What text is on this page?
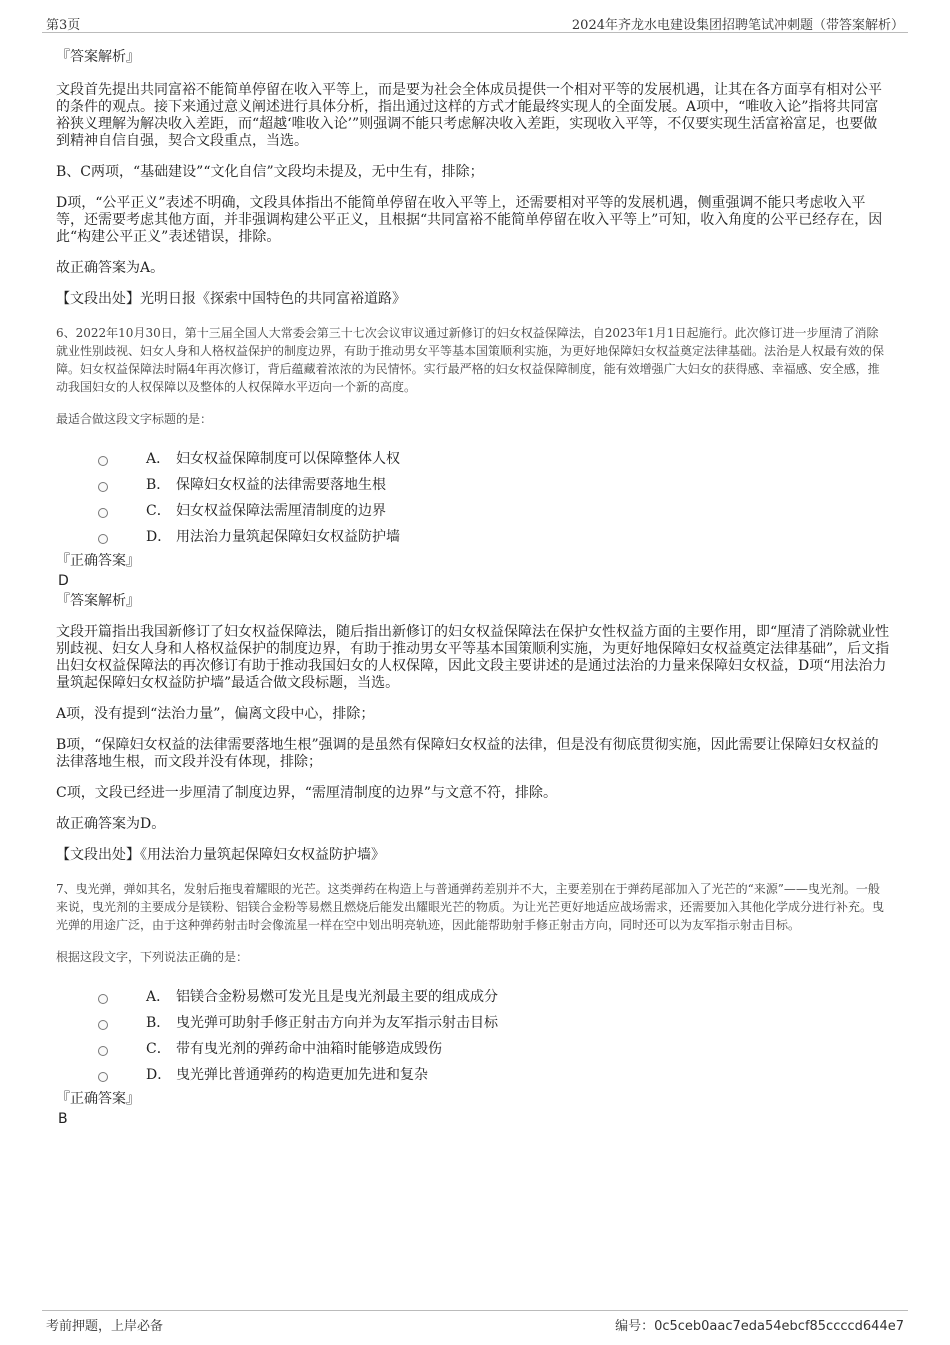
第3页	2024年齐龙水电建设集团招聘笔试冲刺题（带答案解析）

『答案解析』

文段首先提出共同富裕不能简单停留在收入平等上，而是要为社会全体成员提供一个相对平等的发展机遇，让其在各方面享有相对公平的条件的观点。接下来通过意义阐述进行具体分析，指出通过这样的方式才能最终实现人的全面发展。A项中，“唯收入论”指将共同富裕狭义理解为解决收入差距，而“超越‘唯收入论’”则强调不能只考虑解决收入差距，实现收入平等，不仅要实现生活富裕富足，也要做到精神自信自强，契合文段重点，当选。

B、C两项，“基础建设”“文化自信”文段均未提及，无中生有，排除；

D项，“公平正义”表述不明确，文段具体指出不能简单停留在收入平等上，还需要相对平等的发展机遇，侧重强调不能只考虑收入平等，还需要考虑其他方面，并非强调构建公平正义，且根据“共同富裕不能简单停留在收入平等上”可知，收入角度的公平已经存在，因此“构建公平正义”表述错误，排除。

故正确答案为A。

【文段出处】光明日报《探索中国特色的共同富裕道路》

6、2022年10月30日，第十三届全国人大常委会第三十七次会议审议通过新修订的妇女权益保障法，自2023年1月1日起施行。此次修订进一步厘清了消除就业性别歧视、妇女人身和人格权益保护的制度边界，有助于推动男女平等基本国策顺利实施，为更好地保障妇女权益奠定法律基础。法治是人权最有效的保障。妇女权益保障法时隔4年再次修订，背后蕴藏着浓浓的为民情怀。实行最严格的妇女权益保障制度，能有效增强广大妇女的获得感、幸福感、安全感，推动我国妇女的人权保障以及整体的人权保障水平迈向一个新的高度。

最适合做这段文字标题的是：

A． 妇女权益保障制度可以保障整体人权
B． 保障妇女权益的法律需要落地生根
C． 妇女权益保障法需厘清制度的边界
D． 用法治力量筑起保障妇女权益防护墙

『正确答案』

D

『答案解析』

文段开篇指出我国新修订了妇女权益保障法，随后指出新修订的妇女权益保障法在保护女性权益方面的主要作用，即“厘清了消除就业性别歧视、妇女人身和人格权益保护的制度边界，有助于推动男女平等基本国策顺利实施，为更好地保障妇女权益奠定法律基础”，后文指出妇女权益保障法的再次修订有助于推动我国妇女的人权保障，因此文段主要讲述的是通过法治的力量来保障妇女权益，D项“用法治力量筑起保障妇女权益防护墙”最适合做文段标题，当选。

A项，没有提到“法治力量”，偏离文段中心，排除；

B项，“保障妇女权益的法律需要落地生根”强调的是虽然有保障妇女权益的法律，但是没有彻底贯彻实施，因此需要让保障妇女权益的法律落地生根，而文段并没有体现，排除；

C项，文段已经进一步厘清了制度边界，“需厘清制度的边界”与文意不符，排除。

故正确答案为D。

【文段出处】《用法治力量筑起保障妇女权益防护墙》

7、曳光弹，弹如其名，发射后拖曳着耀眼的光芒。这类弹药在构造上与普通弹药差别并不大，主要差别在于弹药尾部加入了光芒的“来源”——曳光剂。一般来说，曳光剂的主要成分是镁粉、铝镁合金粉等易燃且燃烧后能发出耀眼光芒的物质。为让光芒更好地适应战场需求，还需要加入其他化学成分进行补充。曳光弹的用途广泛，由于这种弹药射击时会像流星一样在空中划出明亮轨迹，因此能帮助射手修正射击方向，同时还可以为友军指示射击目标。

根据这段文字，下列说法正确的是：

A． 铝镁合金粉易燃可发光且是曳光剂最主要的组成成分
B． 曳光弹可助射手修正射击方向并为友军指示射击目标
C． 带有曳光剂的弹药命中油箱时能够造成毁伤
D． 曳光弹比普通弹药的构造更加先进和复杂

『正确答案』

B

考前押题，上岸必备	编号：0c5ceb0aac7eda54ebcf85ccccd644e7
